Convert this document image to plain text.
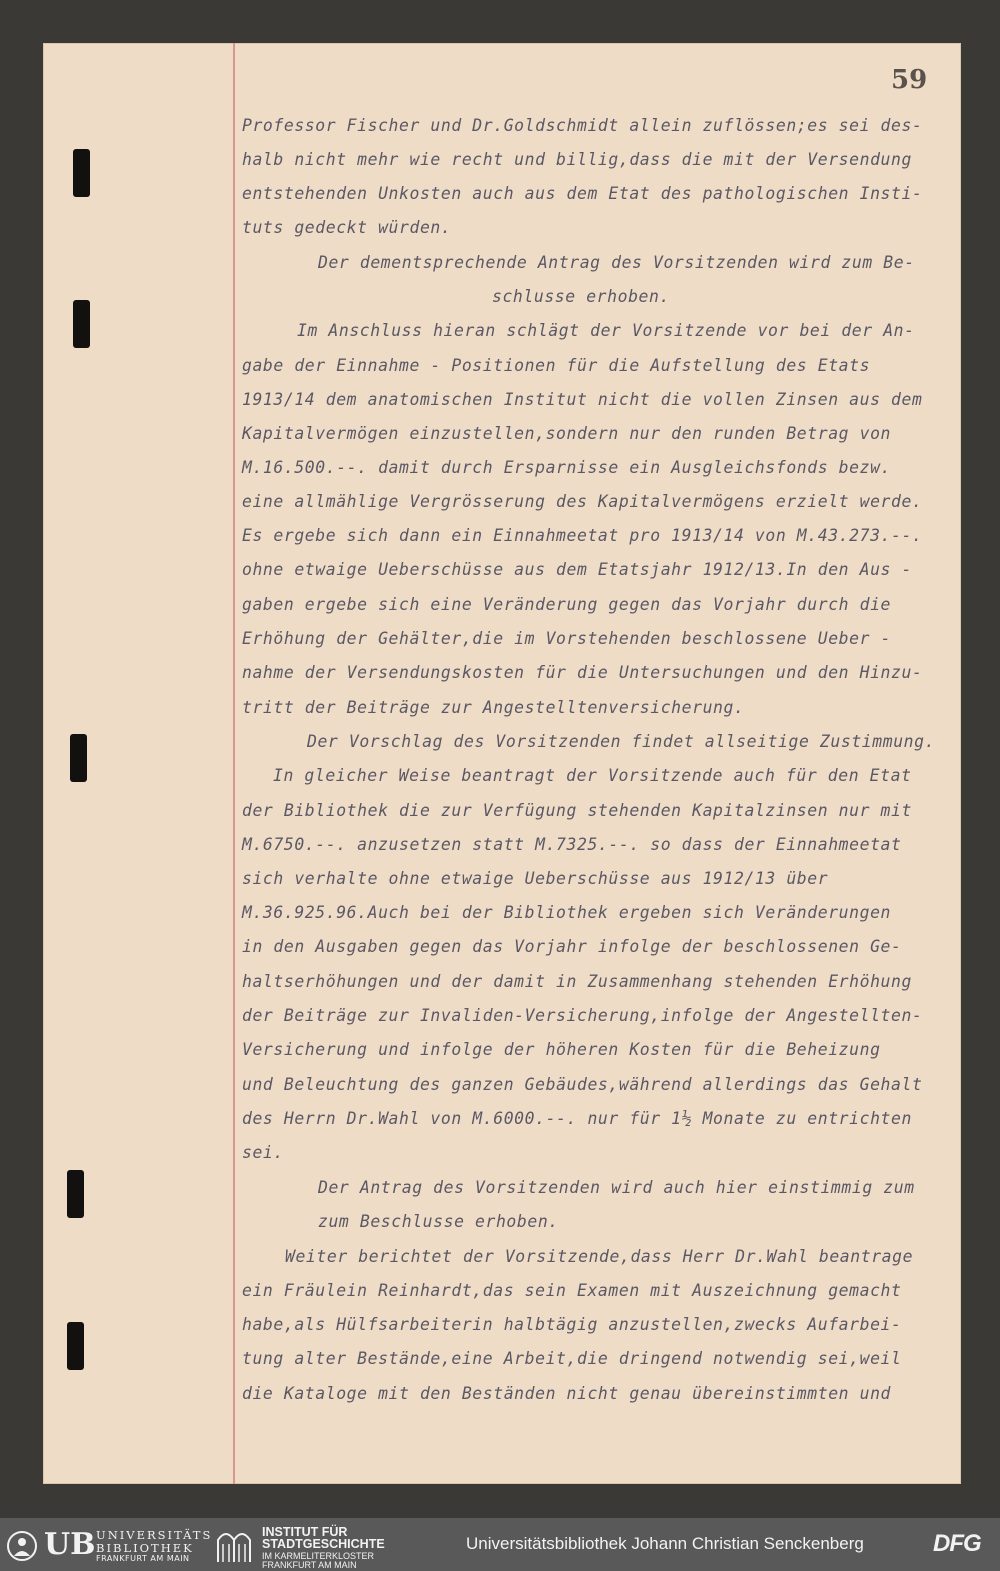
59
Professor Fischer und Dr.Goldschmidt allein zuflössen;es sei des-
halb nicht mehr wie recht und billig,dass die mit der Versendung
entstehenden Unkosten auch aus dem Etat des pathologischen Insti-
tuts gedeckt würden.
Der dementsprechende Antrag des Vorsitzenden wird zum Be-
schlusse erhoben.
Im Anschluss hieran schlägt der Vorsitzende vor bei der An-
gabe der Einnahme - Positionen für die Aufstellung des Etats
1913/14 dem anatomischen Institut nicht die vollen Zinsen aus dem
Kapitalvermögen einzustellen,sondern nur den runden Betrag von
M.16.500.--. damit durch Ersparnisse ein Ausgleichsfonds bezw.
eine allmählige Vergrösserung des Kapitalvermögens erzielt werde.
Es ergebe sich dann ein Einnahmeetat pro 1913/14 von M.43.273.--.
ohne etwaige Ueberschüsse aus dem Etatsjahr 1912/13.In den Aus -
gaben ergebe sich eine Veränderung gegen das Vorjahr durch die
Erhöhung der Gehälter,die im Vorstehenden beschlossene Ueber -
nahme der Versendungskosten für die Untersuchungen und den Hinzu-
tritt der Beiträge zur Angestelltenversicherung.
Der Vorschlag des Vorsitzenden findet allseitige Zustimmung.
In gleicher Weise beantragt der Vorsitzende auch für den Etat
der Bibliothek die zur Verfügung stehenden Kapitalzinsen nur mit
M.6750.--. anzusetzen statt M.7325.--. so dass der Einnahmeetat
sich verhalte ohne etwaige Ueberschüsse aus 1912/13 über
M.36.925.96.Auch bei der Bibliothek ergeben sich Veränderungen
in den Ausgaben gegen das Vorjahr infolge der beschlossenen Ge-
haltserhöhungen und der damit in Zusammenhang stehenden Erhöhung
der Beiträge zur Invaliden-Versicherung,infolge der Angestellten-
Versicherung und infolge der höheren Kosten für die Beheizung
und Beleuchtung des ganzen Gebäudes,während allerdings das Gehalt
des Herrn Dr.Wahl von M.6000.--. nur für 1½ Monate zu entrichten
sei.
Der Antrag des Vorsitzenden wird auch hier einstimmig zum
zum Beschlusse erhoben.
Weiter berichtet der Vorsitzende,dass Herr Dr.Wahl beantrage
ein Fräulein Reinhardt,das sein Examen mit Auszeichnung gemacht
habe,als Hülfsarbeiterin halbtägig anzustellen,zwecks Aufarbei-
tung alter Bestände,eine Arbeit,die dringend notwendig sei,weil
die Kataloge mit den Beständen nicht genau übereinstimmten und
UB UNIVERSITÄTS
BIBLIOTHEK
FRANKFURT AM MAIN
INSTITUT FÜR
STADTGESCHICHTE
IM KARMELITERKLOSTER
FRANKFURT AM MAIN
Universitätsbibliothek Johann Christian Senckenberg	DFG
